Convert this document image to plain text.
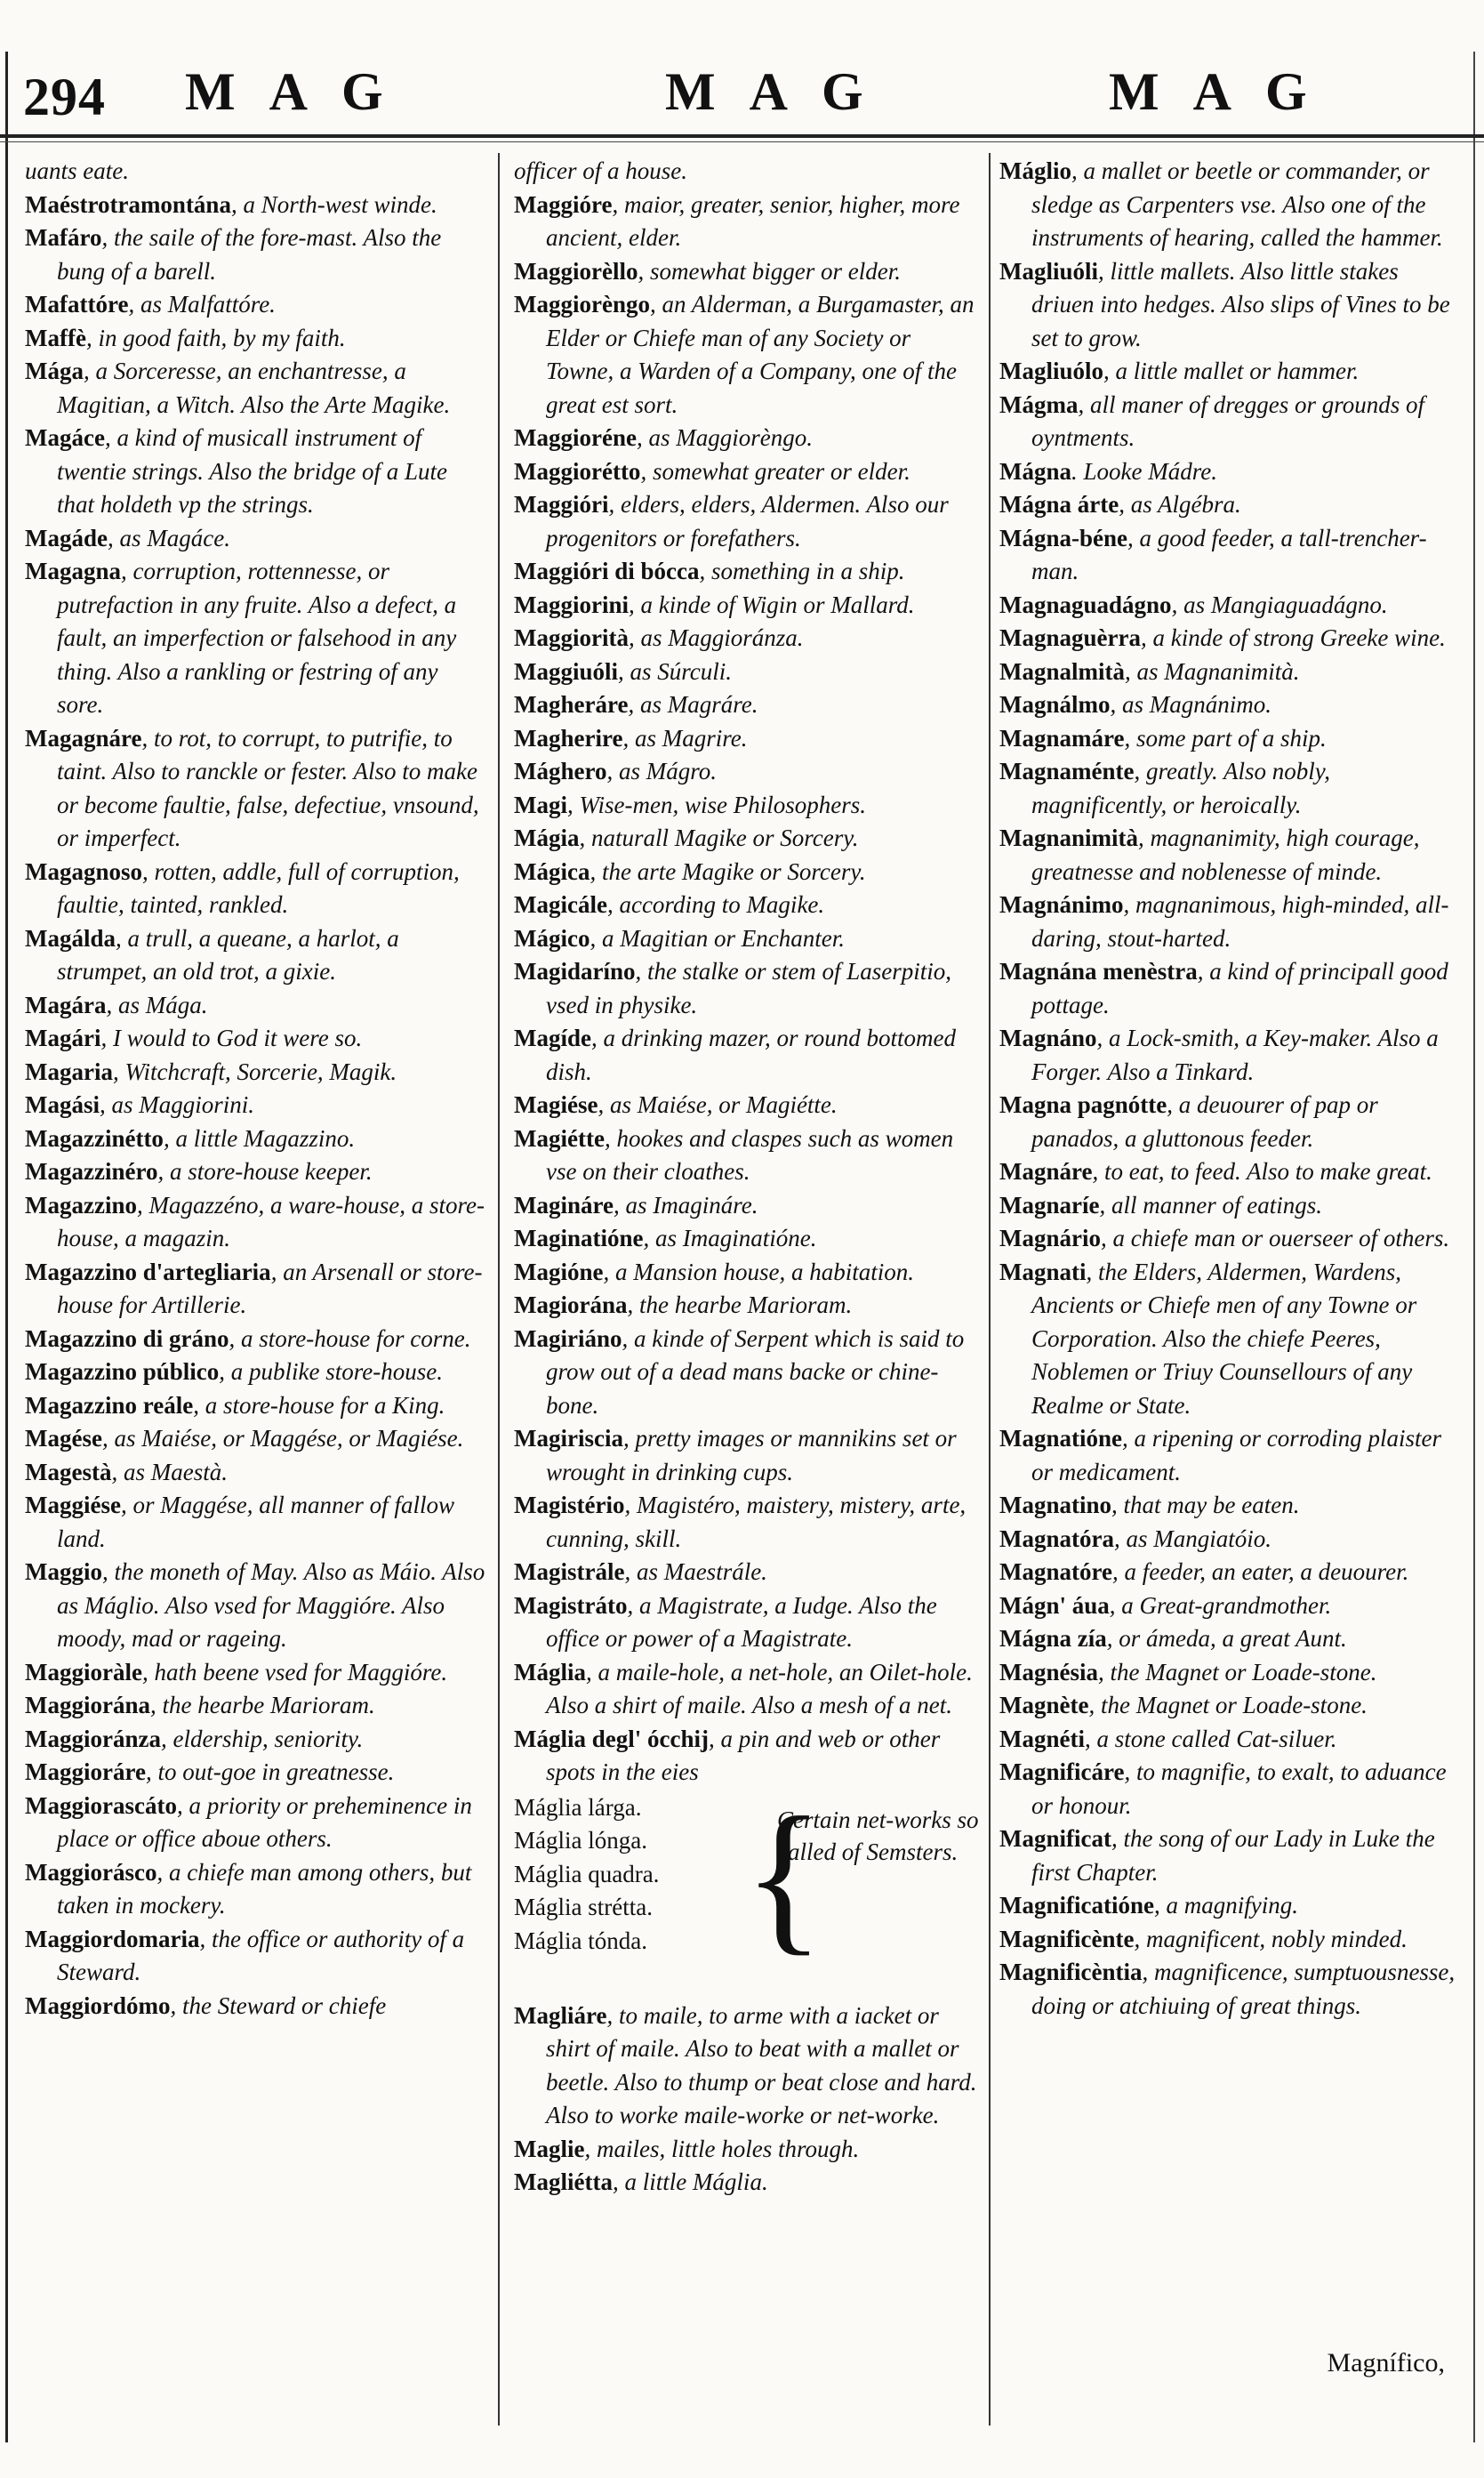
294 MAG	MAG	MAG

uants eate.

Maéstrotramontána, a North-west winde.

Mafáro, the saile of the fore-mast. Also the bung of a barell.

Mafattóre, as Malfattóre.

Maffè, in good faith, by my faith.

Mága, a Sorceresse, an enchantresse, a Magitian, a Witch. Also the Arte Magike.

Magáce, a kind of musicall instrument of twentie strings. Also the bridge of a Lute that holdeth vp the strings.

Magáde, as Magáce.

Magagna, corruption, rottennesse, or putrefaction in any fruite. Also a defect, a fault, an imperfection or falsehood in any thing. Also a rankling or festring of any sore.

Magagnáre, to rot, to corrupt, to putrifie, to taint. Also to ranckle or fester. Also to make or become faultie, false, defectiue, vnsound, or imperfect.

Magagnoso, rotten, addle, full of corruption, faultie, tainted, rankled.

Magálda, a trull, a queane, a harlot, a strumpet, an old trot, a gixie.

Magára, as Mága.

Magári, I would to God it were so.

Magaria, Witchcraft, Sorcerie, Magik.

Magási, as Maggiorini.

Magazzinétto, a little Magazzino.

Magazzinéro, a store-house keeper.

Magazzino, Magazzéno, a ware-house, a store-house, a magazin.

Magazzino d'artegliaria, an Arsenall or store-house for Artillerie.

Magazzino di gráno, a store-house for corne.

Magazzino público, a publike store-house.

Magazzino reále, a store-house for a King.

Magése, as Maiése, or Maggése, or Magiése.

Magestà, as Maestà.

Maggiése, or Maggése, all manner of fallow land.

Maggio, the moneth of May. Also as Máio. Also as Máglio. Also vsed for Maggióre. Also moody, mad or rageing.

Maggioràle, hath beene vsed for Maggióre.

Maggiorána, the hearbe Marioram.

Maggioránza, eldership, seniority.

Maggioráre, to out-goe in greatnesse.

Maggiorascáto, a priority or preheminence in place or office aboue others.

Maggiorásco, a chiefe man among others, but taken in mockery.

Maggiordomaria, the office or authority of a Steward.

Maggiordómo, the Steward or chiefe

officer of a house.

Maggióre, maior, greater, senior, higher, more ancient, elder.

Maggiorèllo, somewhat bigger or elder.

Maggiorèngo, an Alderman, a Burgamaster, an Elder or Chiefe man of any Society or Towne, a Warden of a Company, one of the great est sort.

Maggioréne, as Maggiorèngo.

Maggiorétto, somewhat greater or elder.

Maggióri, elders, elders, Aldermen. Also our progenitors or forefathers.

Maggióri di bócca, something in a ship.

Maggiorini, a kinde of Wigin or Mallard.

Maggiorità, as Maggioránza.

Maggiuóli, as Súrculi.

Magheráre, as Magráre.

Magherire, as Magrire.

Mághero, as Mágro.

Magi, Wise-men, wise Philosophers.

Mágia, naturall Magike or Sorcery.

Mágica, the arte Magike or Sorcery.

Magicále, according to Magike.

Mágico, a Magitian or Enchanter.

Magidaríno, the stalke or stem of Laserpitio, vsed in physike.

Magíde, a drinking mazer, or round bottomed dish.

Magiése, as Maiése, or Magiétte.

Magiétte, hookes and claspes such as women vse on their cloathes.

Magináre, as Imagináre.

Maginatióne, as Imaginatióne.

Magióne, a Mansion house, a habitation.

Magiorána, the hearbe Marioram.

Magiriáno, a kinde of Serpent which is said to grow out of a dead mans backe or chine-bone.

Magiriscia, pretty images or mannikins set or wrought in drinking cups.

Magistério, Magistéro, maistery, mistery, arte, cunning, skill.

Magistrále, as Maestrále.

Magistráto, a Magistrate, a Iudge. Also the office or power of a Magistrate.

Máglia, a maile-hole, a net-hole, an Oilet-hole. Also a shirt of maile. Also a mesh of a net.

Máglia degl' ócchij, a pin and web or other spots in the eies

Máglia lárga.
Máglia lónga.
Máglia quadra.
Máglia strétta.
Máglia tónda. {
Certain net-works so called of Semsters.

Magliáre, to maile, to arme with a iacket or shirt of maile. Also to beat with a mallet or beetle. Also to thump or beat close and hard. Also to worke maile-worke or net-worke.

Maglie, mailes, little holes through.

Magliétta, a little Máglia.

Máglio, a mallet or beetle or commander, or sledge as Carpenters vse. Also one of the instruments of hearing, called the hammer.

Magliuóli, little mallets. Also little stakes driuen into hedges. Also slips of Vines to be set to grow.

Magliuólo, a little mallet or hammer.

Mágma, all maner of dregges or grounds of oyntments.

Mágna. Looke Mádre.

Mágna árte, as Algébra.

Mágna-béne, a good feeder, a tall-trencher-man.

Magnaguadágno, as Mangiaguadágno.

Magnaguèrra, a kinde of strong Greeke wine.

Magnalmità, as Magnanimità.

Magnálmo, as Magnánimo.

Magnamáre, some part of a ship.

Magnaménte, greatly. Also nobly, magnificently, or heroically.

Magnanimità, magnanimity, high courage, greatnesse and noblenesse of minde.

Magnánimo, magnanimous, high-minded, all-daring, stout-harted.

Magnána menèstra, a kind of principall good pottage.

Magnáno, a Lock-smith, a Key-maker. Also a Forger. Also a Tinkard.

Magna pagnótte, a deuourer of pap or panados, a gluttonous feeder.

Magnáre, to eat, to feed. Also to make great.

Magnaríe, all manner of eatings.

Magnário, a chiefe man or ouerseer of others.

Magnati, the Elders, Aldermen, Wardens, Ancients or Chiefe men of any Towne or Corporation. Also the chiefe Peeres, Noblemen or Triuy Counsellours of any Realme or State.

Magnatióne, a ripening or corroding plaister or medicament.

Magnatino, that may be eaten.

Magnatóra, as Mangiatóio.

Magnatóre, a feeder, an eater, a deuourer.

Mágn' áua, a Great-grandmother.

Mágna zía, or ámeda, a great Aunt.

Magnésia, the Magnet or Loade-stone.

Magnète, the Magnet or Loade-stone.

Magnéti, a stone called Cat-siluer.

Magnificáre, to magnifie, to exalt, to aduance or honour.

Magnificat, the song of our Lady in Luke the first Chapter.

Magnificatióne, a magnifying.

Magnificènte, magnificent, nobly minded.

Magnificèntia, magnificence, sumptuousnesse, doing or atchiuing of great things.

Magnífico,
